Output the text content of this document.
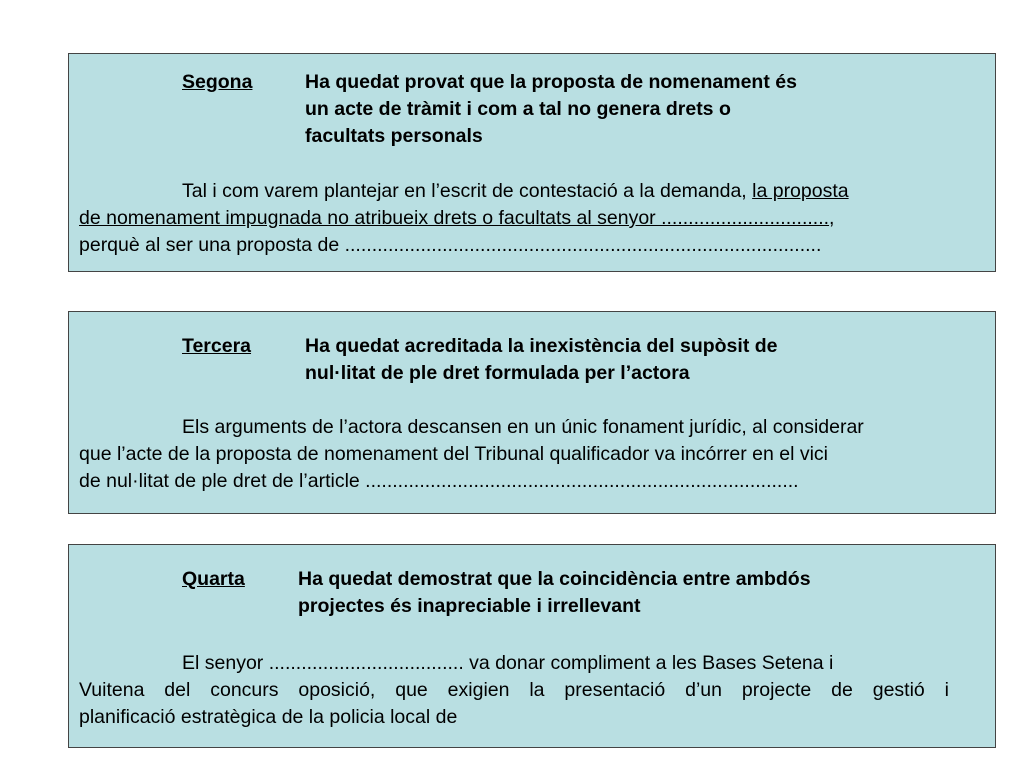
Segona	Ha quedat provat que la proposta de nomenament és
un acte de tràmit i com a tal no genera drets o
facultats personals
Tal i com varem plantejar en l’escrit de contestació a la demanda, la proposta
de nomenament impugnada no atribueix drets o facultats al senyor ...............................,
perquè al ser una proposta de ........................................................................................
Tercera	Ha quedat acreditada la inexistència del supòsit de
nul·litat de ple dret formulada per l’actora
Els arguments de l’actora descansen en un únic fonament jurídic, al considerar
que l’acte de la proposta de nomenament del Tribunal qualificador va incórrer en el vici
de nul·litat de ple dret de l’article ................................................................................
Quarta	Ha quedat demostrat que la coincidència entre ambdós
projectes és inapreciable i irrellevant
El senyor .................................... va donar compliment a les Bases Setena i
Vuitena del concurs oposició, que exigien la presentació d’un projecte de gestió i
planificació estratègica de la policia local de
